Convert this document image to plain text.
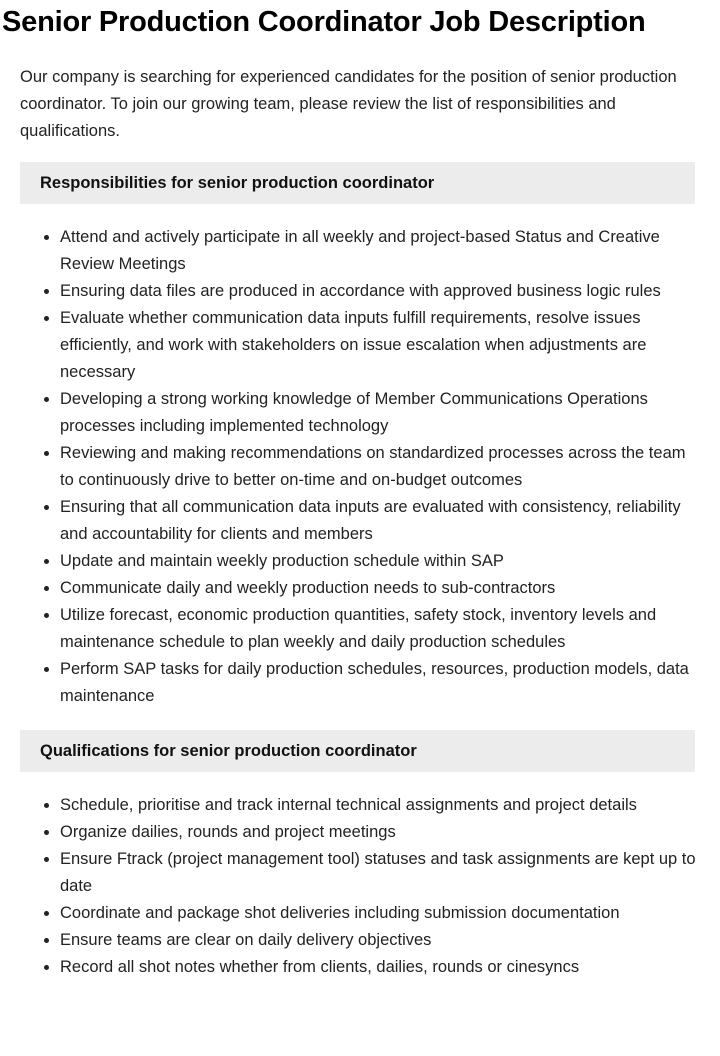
Senior Production Coordinator Job Description

Our company is searching for experienced candidates for the position of senior production coordinator. To join our growing team, please review the list of responsibilities and qualifications.

Responsibilities for senior production coordinator
• Attend and actively participate in all weekly and project-based Status and Creative Review Meetings
• Ensuring data files are produced in accordance with approved business logic rules
• Evaluate whether communication data inputs fulfill requirements, resolve issues efficiently, and work with stakeholders on issue escalation when adjustments are necessary
• Developing a strong working knowledge of Member Communications Operations processes including implemented technology
• Reviewing and making recommendations on standardized processes across the team to continuously drive to better on-time and on-budget outcomes
• Ensuring that all communication data inputs are evaluated with consistency, reliability and accountability for clients and members
• Update and maintain weekly production schedule within SAP
• Communicate daily and weekly production needs to sub-contractors
• Utilize forecast, economic production quantities, safety stock, inventory levels and maintenance schedule to plan weekly and daily production schedules
• Perform SAP tasks for daily production schedules, resources, production models, data maintenance
Qualifications for senior production coordinator
• Schedule, prioritise and track internal technical assignments and project details
• Organize dailies, rounds and project meetings
• Ensure Ftrack (project management tool) statuses and task assignments are kept up to date
• Coordinate and package shot deliveries including submission documentation
• Ensure teams are clear on daily delivery objectives
• Record all shot notes whether from clients, dailies, rounds or cinesyncs
